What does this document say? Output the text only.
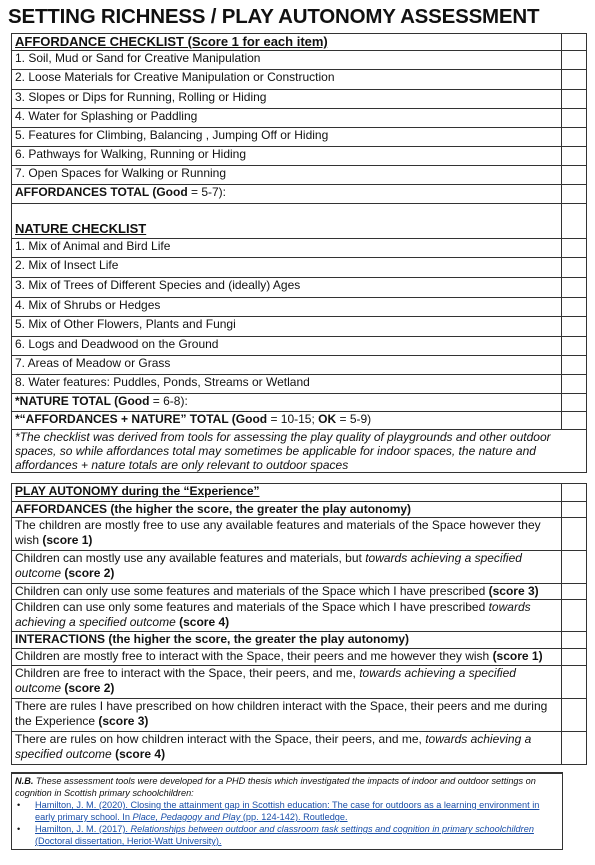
SETTING RICHNESS / PLAY AUTONOMY ASSESSMENT
AFFORDANCE CHECKLIST (Score 1 for each item)	
1. Soil, Mud or Sand for Creative Manipulation	
2. Loose Materials for Creative Manipulation or Construction	
3. Slopes or Dips for Running, Rolling or Hiding	
4. Water for Splashing or Paddling	
5. Features for Climbing, Balancing , Jumping Off or Hiding	
6. Pathways for Walking, Running or Hiding	
7. Open Spaces for Walking or Running	
AFFORDANCES TOTAL (Good = 5-7):	

NATURE CHECKLIST	
1. Mix of Animal and Bird Life	
2. Mix of Insect Life	
3. Mix of Trees of Different Species and (ideally) Ages	
4. Mix of Shrubs or Hedges	
5. Mix of Other Flowers, Plants and Fungi	
6. Logs and Deadwood on the Ground	
7. Areas of Meadow or Grass	
8. Water features: Puddles, Ponds, Streams or Wetland	
*NATURE TOTAL (Good = 6-8):	
*“AFFORDANCES + NATURE” TOTAL (Good = 10-15; OK = 5-9)	
*The checklist was derived from tools for assessing the play quality of playgrounds and other outdoor spaces, so while affordances total may sometimes be applicable for indoor spaces, the nature and affordances + nature totals are only relevant to outdoor spaces	
PLAY AUTONOMY during the “Experience”	
AFFORDANCES (the higher the score, the greater the play autonomy)	
The children are mostly free to use any available features and materials of the Space however they wish (score 1)	
Children can mostly use any available features and materials, but towards achieving a specified outcome (score 2)	
Children can only use some features and materials of the Space which I have prescribed (score 3)	
Children can use only some features and materials of the Space which I have prescribed towards achieving a specified outcome (score 4)	
INTERACTIONS (the higher the score, the greater the play autonomy)	
Children are mostly free to interact with the Space, their peers and me however they wish (score 1)	
Children are free to interact with the Space, their peers, and me, towards achieving a specified outcome (score 2)	
There are rules I have prescribed on how children interact with the Space, their peers and me during the Experience (score 3)	
There are rules on how children interact with the Space, their peers, and me, towards achieving a specified outcome (score 4)	
N.B. These assessment tools were developed for a PHD thesis which investigated the impacts of indoor and outdoor settings on cognition in Scottish primary schoolchildren:
• Hamilton, J. M. (2020). Closing the attainment gap in Scottish education: The case for outdoors as a learning environment in early primary school. In Place, Pedagogy and Play (pp. 124-142). Routledge.
• Hamilton, J. M. (2017). Relationships between outdoor and classroom task settings and cognition in primary schoolchildren (Doctoral dissertation, Heriot-Watt University).
